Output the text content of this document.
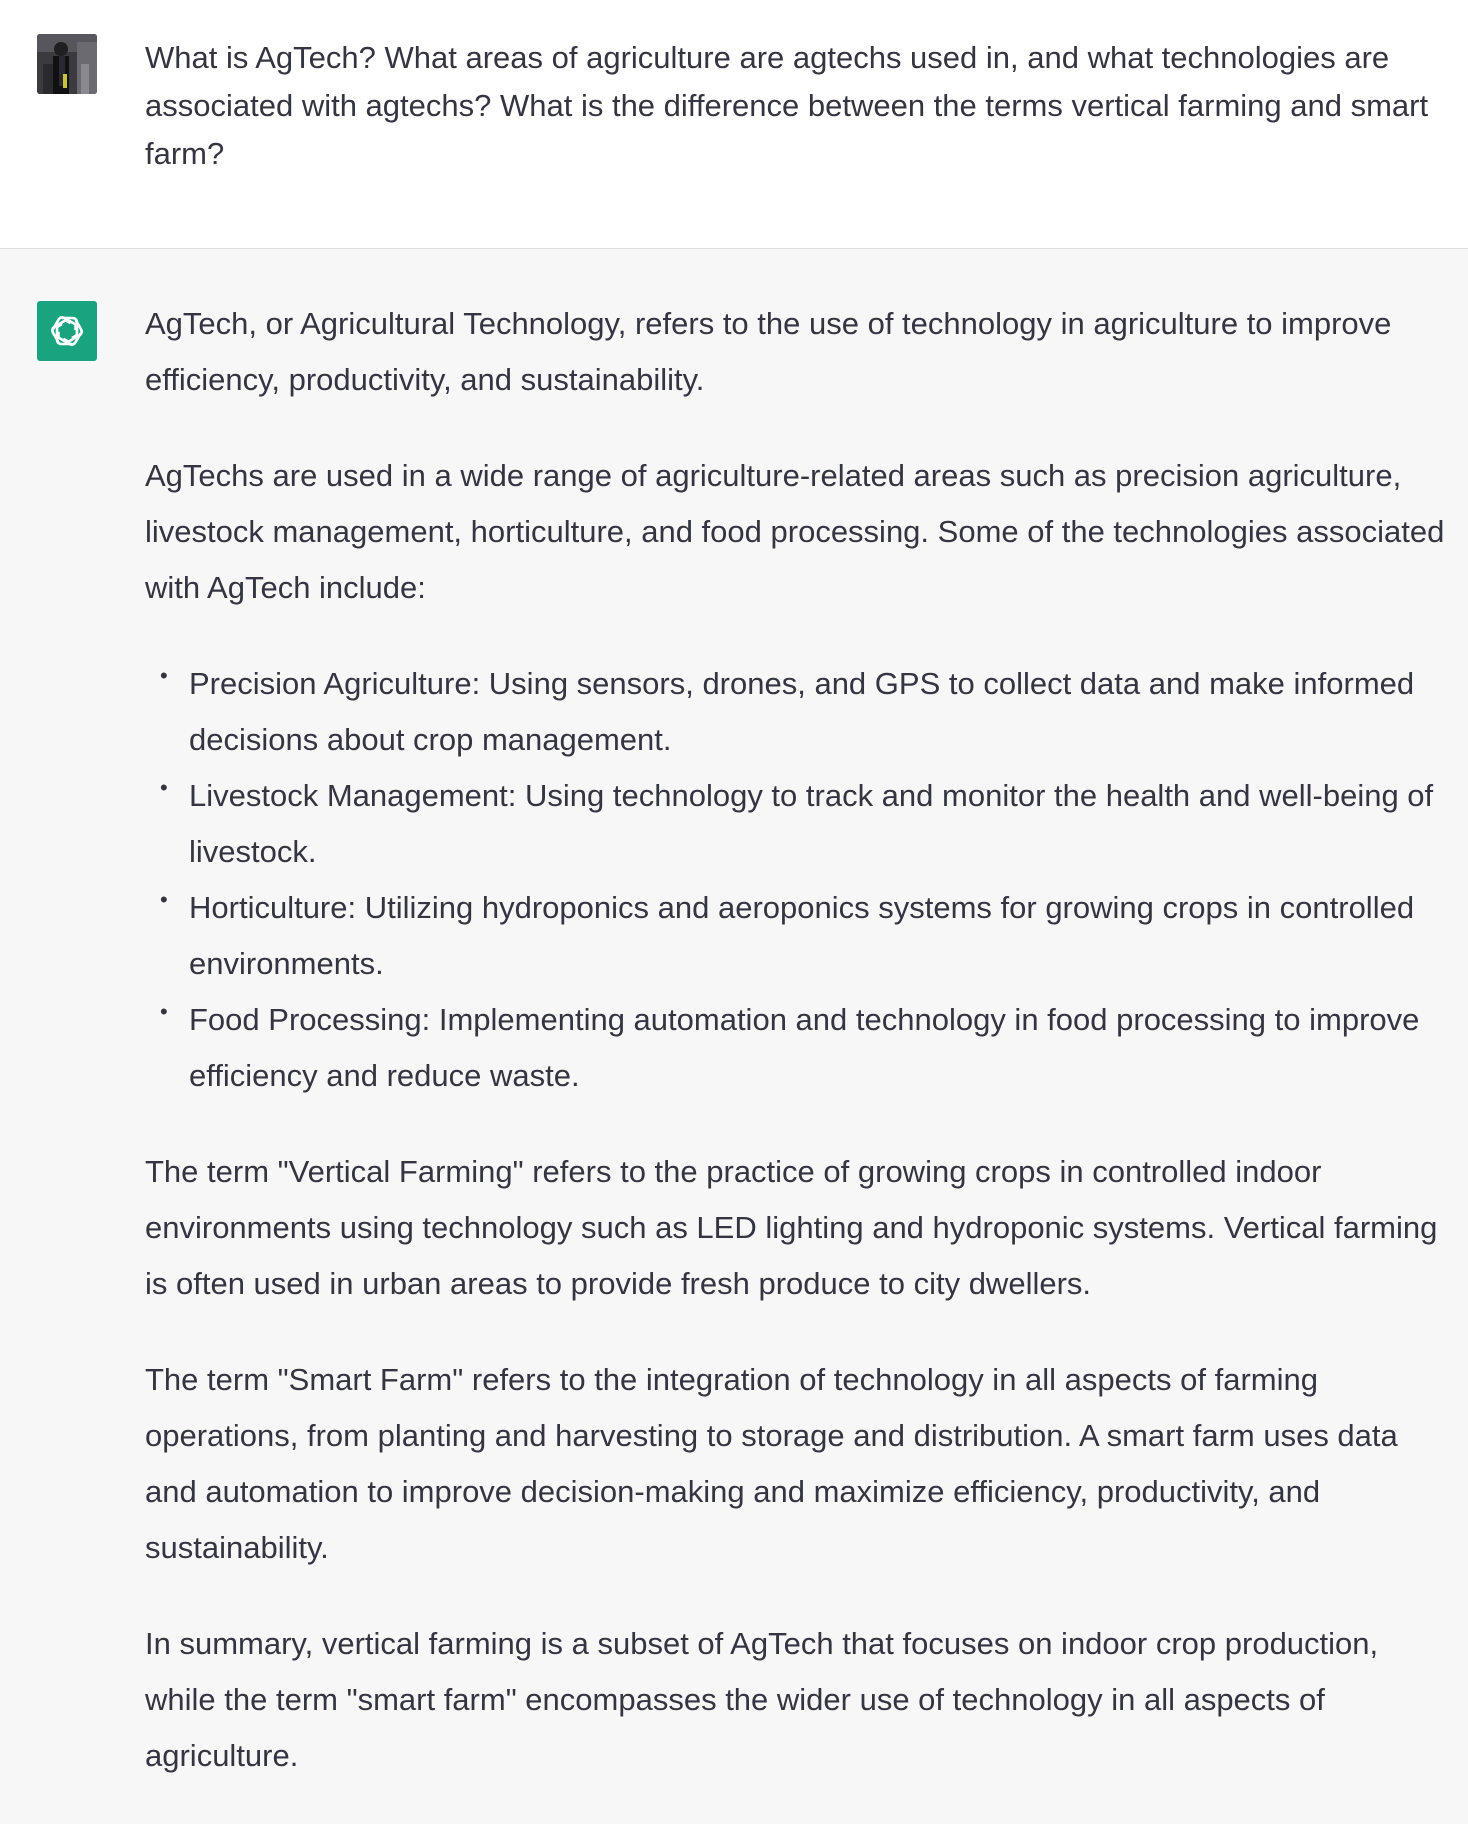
What is AgTech? What areas of agriculture are agtechs used in, and what technologies are associated with agtechs? What is the difference between the terms vertical farming and smart farm?

AgTech, or Agricultural Technology, refers to the use of technology in agriculture to improve efficiency, productivity, and sustainability.

AgTechs are used in a wide range of agriculture-related areas such as precision agriculture, livestock management, horticulture, and food processing. Some of the technologies associated with AgTech include:

• Precision Agriculture: Using sensors, drones, and GPS to collect data and make informed decisions about crop management.
• Livestock Management: Using technology to track and monitor the health and well-being of livestock.
• Horticulture: Utilizing hydroponics and aeroponics systems for growing crops in controlled environments.
• Food Processing: Implementing automation and technology in food processing to improve efficiency and reduce waste.

The term "Vertical Farming" refers to the practice of growing crops in controlled indoor environments using technology such as LED lighting and hydroponic systems. Vertical farming is often used in urban areas to provide fresh produce to city dwellers.

The term "Smart Farm" refers to the integration of technology in all aspects of farming operations, from planting and harvesting to storage and distribution. A smart farm uses data and automation to improve decision-making and maximize efficiency, productivity, and sustainability.

In summary, vertical farming is a subset of AgTech that focuses on indoor crop production, while the term "smart farm" encompasses the wider use of technology in all aspects of agriculture.
